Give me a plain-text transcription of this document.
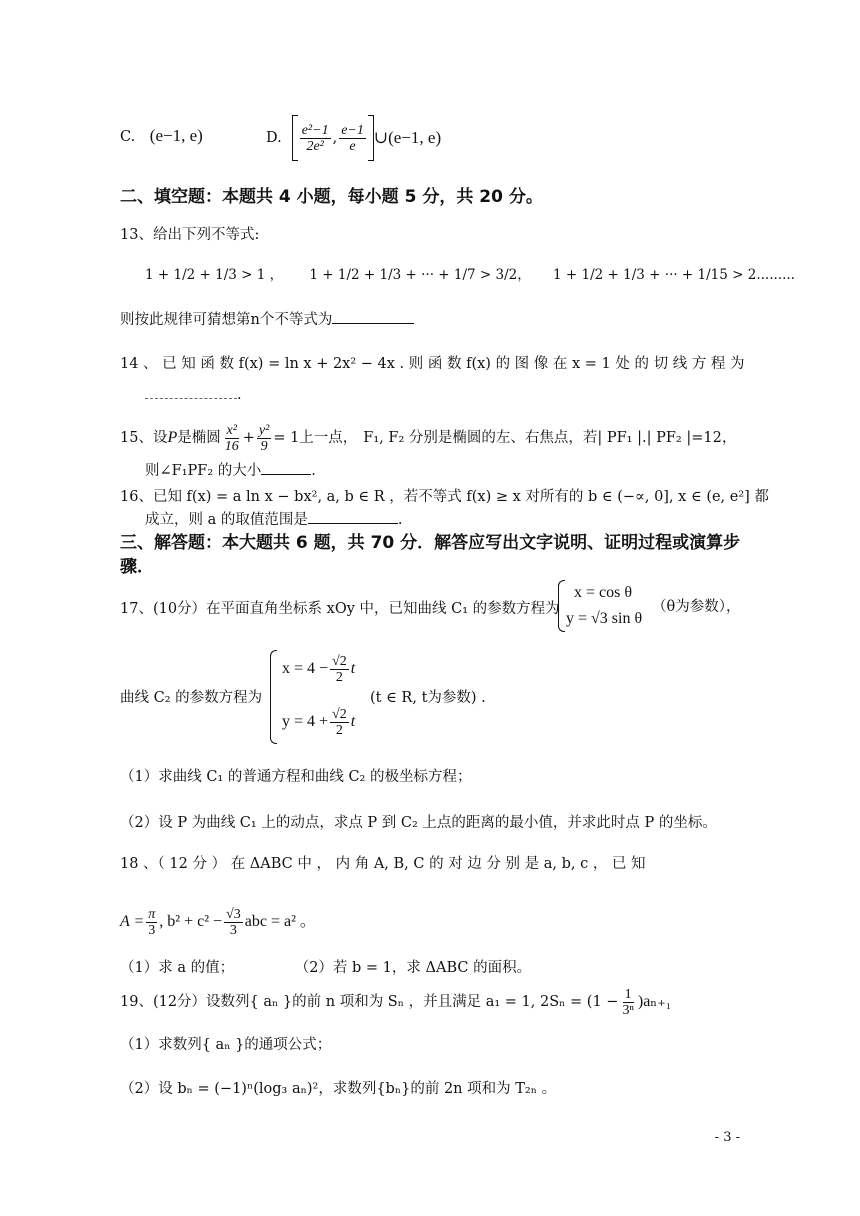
C. (e−1, e)	D. $\frac{\text{e²−1}}{\text{2e²}}$ , $\frac{e-1}{e}$ ∪(e−1, e)
二、填空题：本题共 4 小题，每小题 5 分，共 20 分。
13、给出下列不等式:
1 + 1/2 + 1/3 > 1 ， 1 + 1/2 + 1/3 + ··· + 1/7 > 3/2， 1 + 1/2 + 1/3 + ··· + 1/15 > 2.........
则按此规律可猜想第n个不等式为
14 、 已 知 函 数 f(x) = ln x + 2x² − 4x . 则 函 数 f(x) 的 图 像 在 x = 1 处 的 切 线 方 程 为
.
15、设 P 是椭圆 $\frac{\text{x²}}{16} + \frac{\text{y²}}{9} = 1$上一点， F₁, F₂ 分别是椭圆的左、右焦点，若| PF₁ |.| PF₂ |=12，
则∠F₁PF₂ 的大小	.
16、已知 f(x) = a ln x − bx², a, b ∈ R ，若不等式 f(x) ≥ x 对所有的 b ∈ (−∝, 0], x ∈ (e, e²] 都
成立，则 a 的取值范围是	.
三、解答题：本大题共 6 题，共 70 分．解答应写出文字说明、证明过程或演算步
骤．
17、(10分）在平面直角坐标系 xOy 中，已知曲线 C₁ 的参数方程为
x = cos θ
y = √3 sin θ
（θ为参数），
曲线 C₂ 的参数方程为
$x = 4 - \frac{√2}{2}$ t
$y = 4 + \frac{√2}{2}$ t
(t ∈ R, t为参数) .
（1）求曲线 C₁ 的普通方程和曲线 C₂ 的极坐标方程；
（2）设 P 为曲线 C₁ 上的动点，求点 P 到 C₂ 上点的距离的最小值，并求此时点 P 的坐标。
18 、（ 12 分 ） 在 ΔABC 中 ， 内 角 A, B, C 的 对 边 分 别 是 a, b, c ， 已 知
$A = \frac{\pi}{3}$ , $b^2 + c^2 - \frac{√3}{3}$ abc = a² 。
（1）求 a 的值；	（2）若 b = 1，求 ΔABC 的面积。
19、(12分）设数列{ aₙ }的前 n 项和为 Sₙ ，并且满足 a₁ = 1, $2S_n = (1 - \frac{1}{\text{3ⁿ}} )a_{n+1}$
（1）求数列{ aₙ }的通项公式；
（2）设 bₙ = (−1)ⁿ(log₃ aₙ)²，求数列{bₙ}的前 2n 项和为 T₂ₙ 。
- 3 -
